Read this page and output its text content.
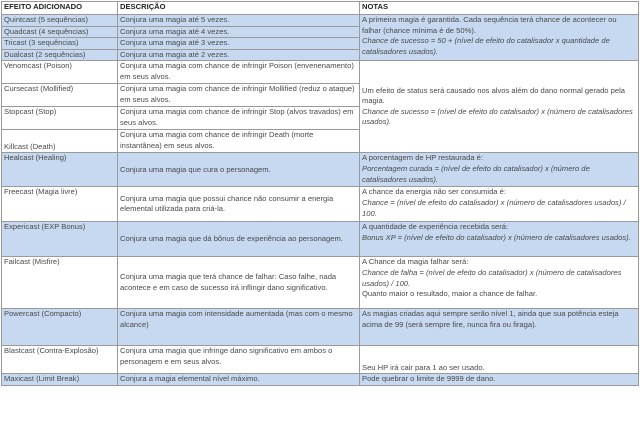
EFEITO ADICIONADO	DESCRIÇÃO	NOTAS
Quintcast (5 sequências)	Conjura uma magia até 5 vezes.	A primeira magia é garantida. Cada sequência terá chance de acontecer ou falhar (chance mínima é de 50%).
Chance de sucesso = 50 + (nível de efeito do catalisador x quantidade de catalisadores usados).
Quadcast (4 sequências)	Conjura uma magia até 4 vezes.	
Tricast (3 sequências)	Conjura uma magia até 3 vezes.	
Dualcast (2 sequências)	Conjura uma magia até 2 vezes.	
Venomcast (Poison)	Conjura uma magia com chance de infringir Poison (envenenamento) em seus alvos.	Um efeito de status será causado nos alvos além do dano normal gerado pela magia.
Chance de sucesso = (nível de efeito do catalisador) x (número de catalisadores usados).
Cursecast (Mollified)	Conjura uma magia com chance de infringir Mollified (reduz o ataque) em seus alvos.	
Stopcast (Stop)	Conjura uma magia com chance de infringir Stop (alvos travados) em seus alvos.	
Killcast (Death)	Conjura uma magia com chance de infringir Death (morte instantânea) em seus alvos.	
Healcast (Healing)	Conjura uma magia que cura o personagem.	A porcentagem de HP restaurada é:
Porcentagem curada = (nível de efeito do catalisador) x (número de catalisadores usados).
Freecast (Magia livre)	Conjura uma magia que possui chance não consumir a energia elemental utilizada para criá-la.	A chance da energia não ser consumida é:
Chance = (nível de efeito do catalisador) x (número de catalisadores usados) / 100.
Expericast (EXP Bonus)	Conjura uma magia que dá bônus de experiência ao personagem.	A quantidade de experiência recebida será:
Bonus XP = (nível de efeito do catalisador) x (número de catalisadores usados).
Failcast (Misfire)	Conjura uma magia que terá chance de falhar: Caso falhe, nada acontece e em caso de sucesso irá inflingir dano significativo.	A Chance da magia falhar será:
Chance de falha = (nível de efeito do catalisador) x (número de catalisadores usados) / 100.
Quanto maior o resultado, maior a chance de falhar.
Powercast (Compacto)	Conjura uma magia com intensidade aumentada (mas com o mesmo alcance)	As magias criadas aqui sempre serão nível 1, ainda que sua potência esteja acima de 99 (será sempre fire, nunca fira ou firaga).
Blastcast (Contra-Explosão)	Conjura uma magia que infringe dano significativo em ambos o personagem e em seus alvos.	Seu HP irá cair para 1 ao ser usado.
Maxicast (Limit Break)	Conjura a magia elemental nível máximo.	Pode quebrar o limite de 9999 de dano.
